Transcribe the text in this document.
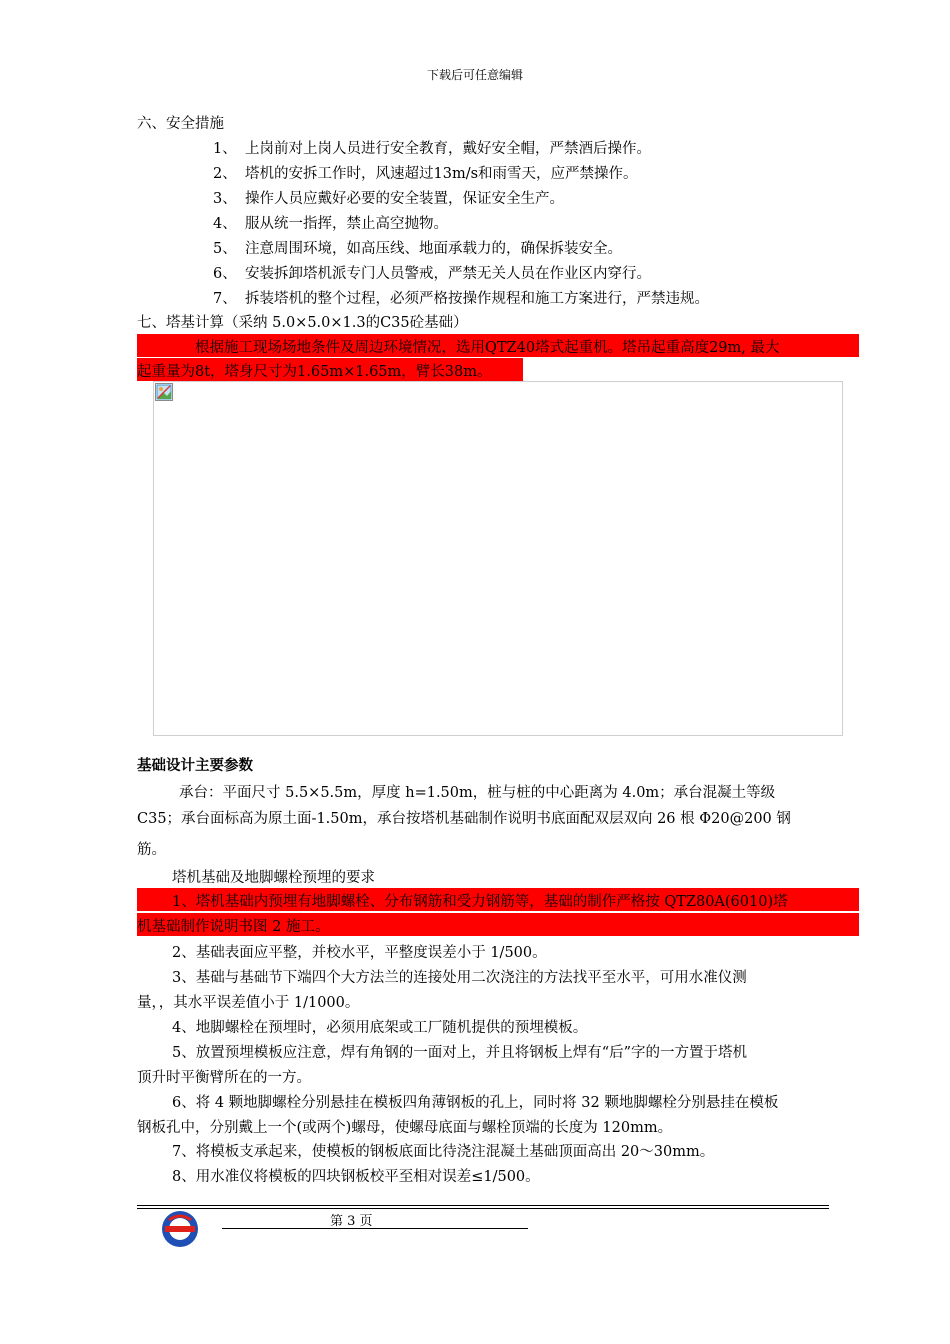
下载后可任意编辑
六、安全措施
1、 上岗前对上岗人员进行安全教育，戴好安全帽，严禁酒后操作。
2、 塔机的安拆工作时，风速超过13m/s和雨雪天，应严禁操作。
3、 操作人员应戴好必要的安全装置，保证安全生产。
4、 服从统一指挥，禁止高空抛物。
5、 注意周围环境，如高压线、地面承载力的，确保拆装安全。
6、 安装拆卸塔机派专门人员警戒，严禁无关人员在作业区内穿行。
7、 拆装塔机的整个过程，必须严格按操作规程和施工方案进行，严禁违规。
七、塔基计算（采纳 5.0×5.0×1.3的C35砼基础）
根据施工现场场地条件及周边环境情况，选用QTZ40塔式起重机。塔吊起重高度29m, 最大
起重量为8t，塔身尺寸为1.65m×1.65m，臂长38m。
基础设计主要参数
承台：平面尺寸 5.5×5.5m，厚度 h=1.50m，桩与桩的中心距离为 4.0m；承台混凝土等级
C35；承台面标高为原土面-1.50m，承台按塔机基础制作说明书底面配双层双向 26 根 Φ20@200 钢
筋。
塔机基础及地脚螺栓预埋的要求
1、塔机基础内预埋有地脚螺栓、分布钢筋和受力钢筋等，基础的制作严格按 QTZ80A(6010)塔
机基础制作说明书图 2 施工。
2、基础表面应平整，并校水平，平整度误差小于 1/500。
3、基础与基础节下端四个大方法兰的连接处用二次浇注的方法找平至水平，可用水准仪测
量，，其水平误差值小于 1/1000。
4、地脚螺栓在预埋时，必须用底架或工厂随机提供的预埋模板。
5、放置预埋模板应注意，焊有角钢的一面对上，并且将钢板上焊有“后”字的一方置于塔机
顶升时平衡臂所在的一方。
6、将 4 颗地脚螺栓分别悬挂在模板四角薄钢板的孔上，同时将 32 颗地脚螺栓分别悬挂在模板
钢板孔中，分别戴上一个(或两个)螺母，使螺母底面与螺栓顶端的长度为 120mm。
7、将模板支承起来，使模板的钢板底面比待浇注混凝土基础顶面高出 20～30mm。
8、用水准仪将模板的四块钢板校平至相对误差≤1/500。
第 3 页
